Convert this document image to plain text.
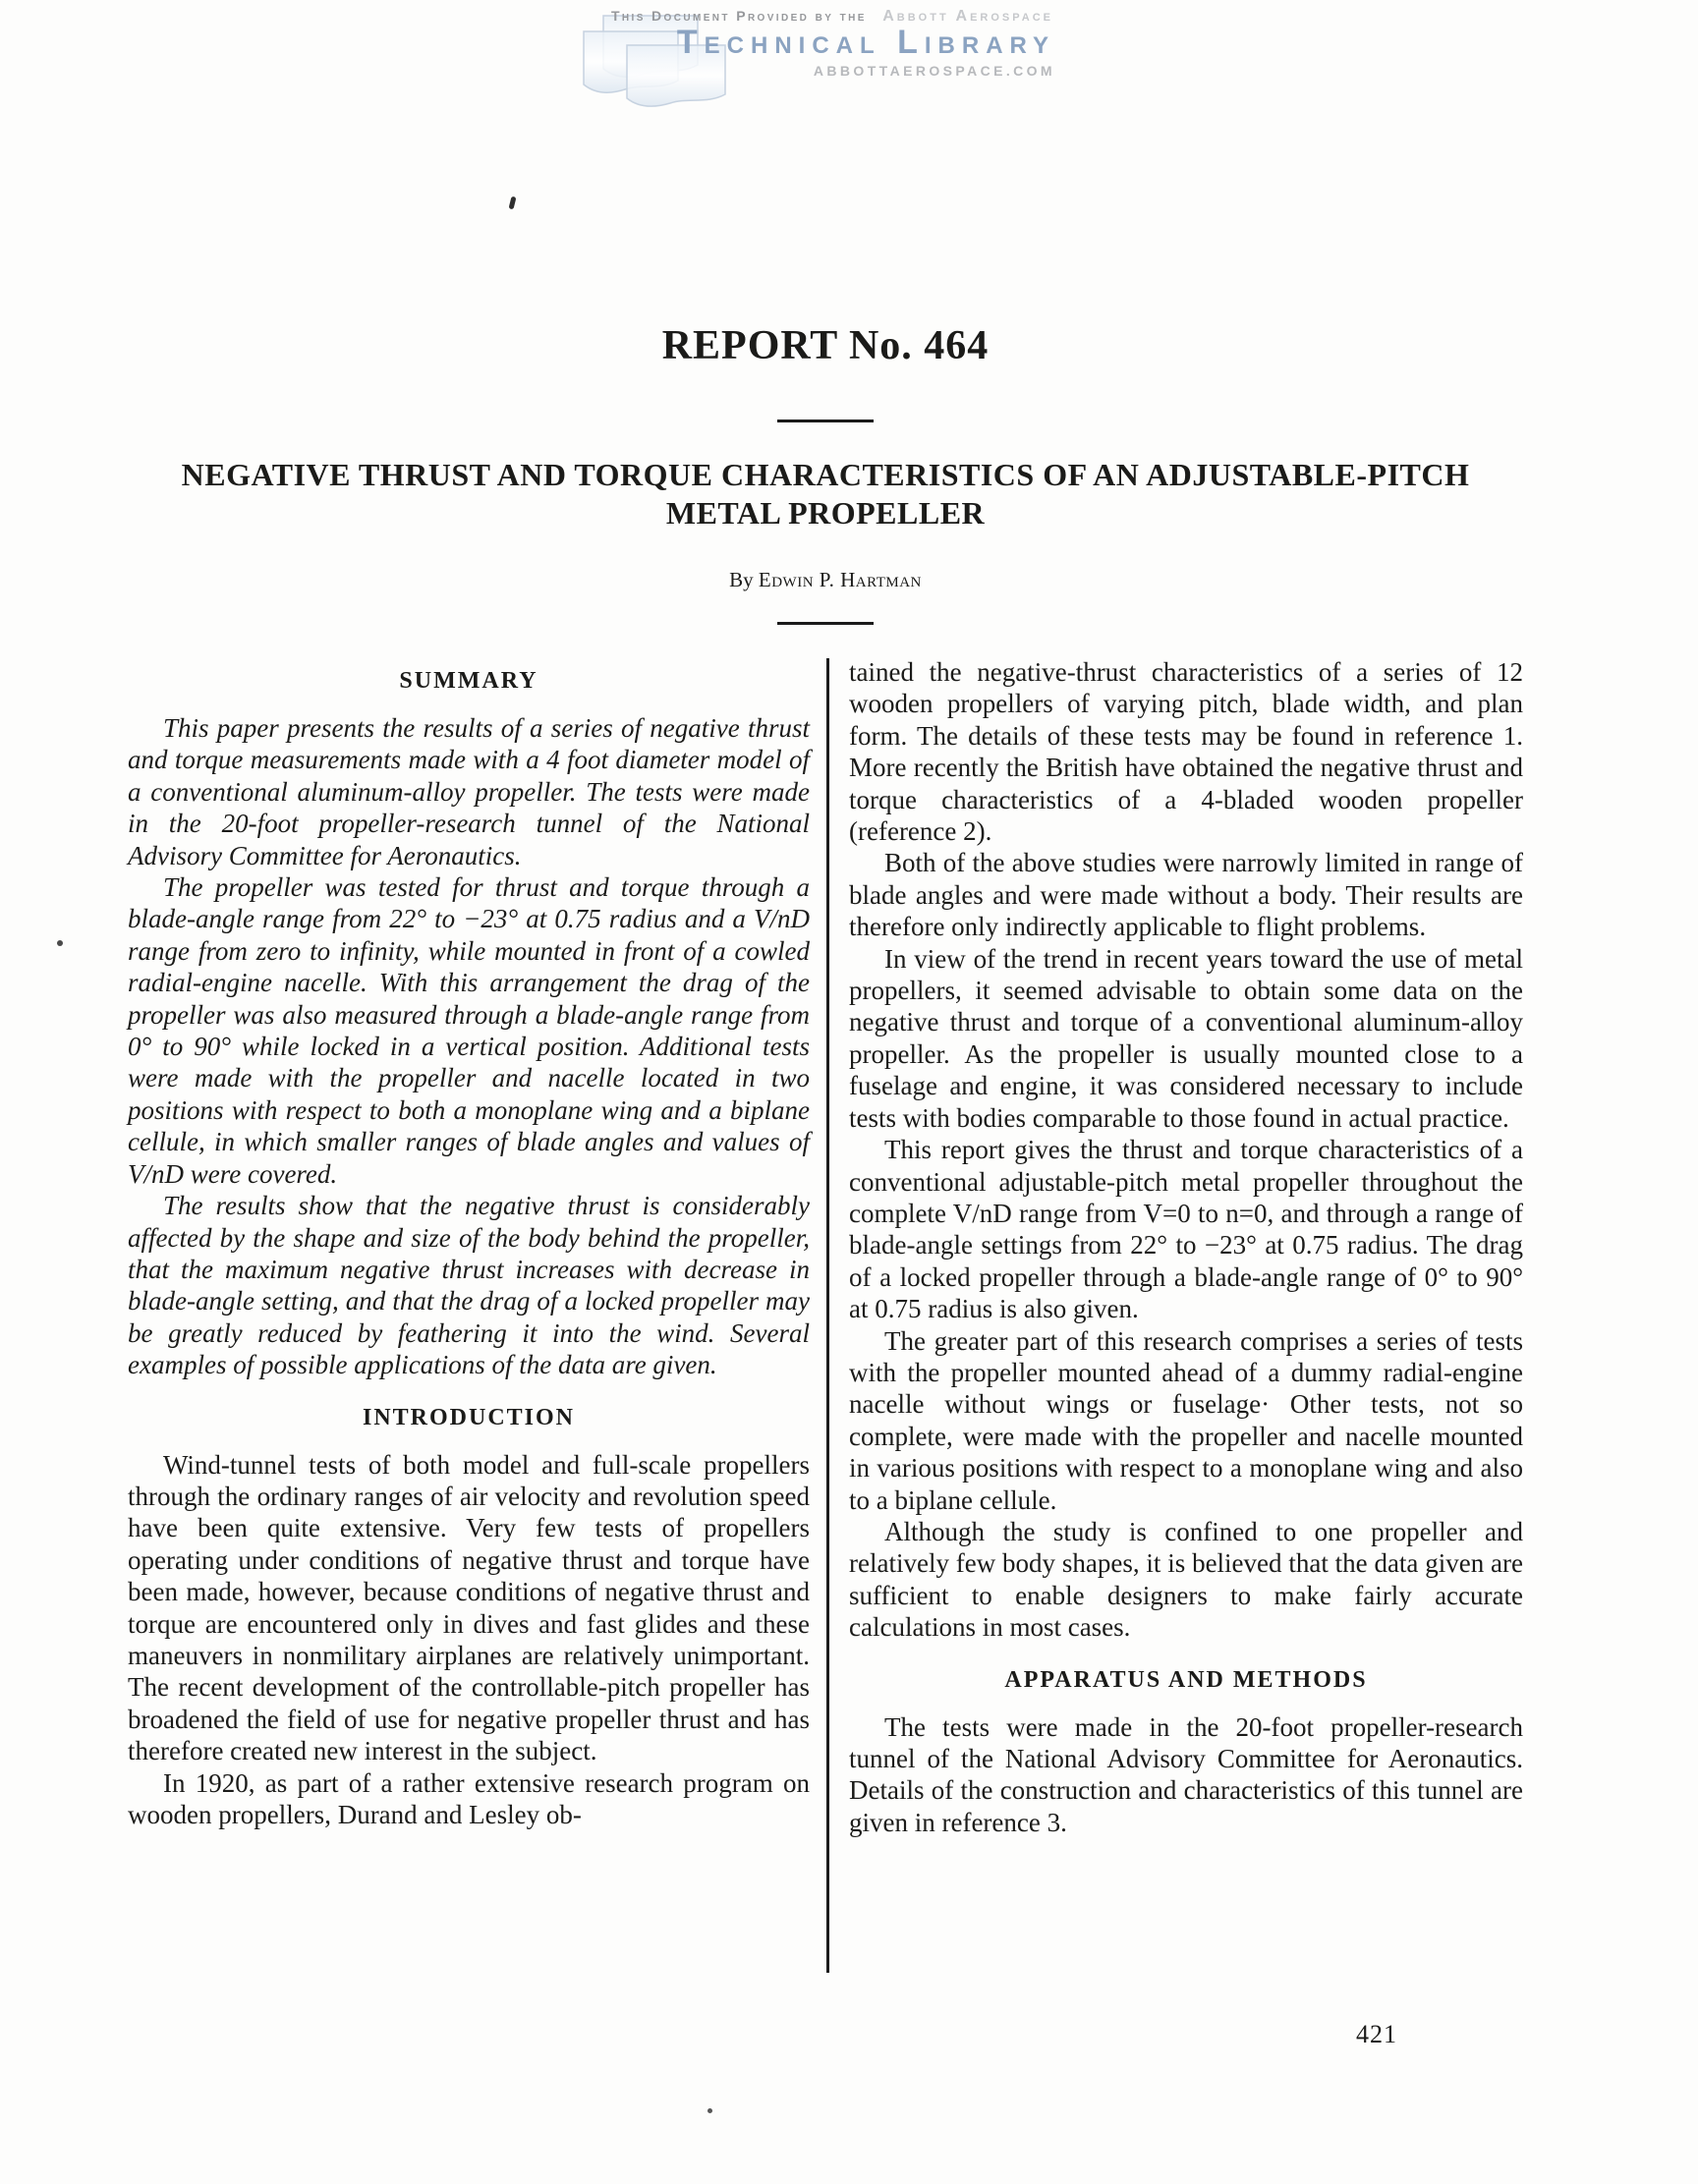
This Document Provided by the Abbott Aerospace
Technical Library
ABBOTTAEROSPACE.COM
REPORT No. 464
NEGATIVE THRUST AND TORQUE CHARACTERISTICS OF AN ADJUSTABLE-PITCH
METAL PROPELLER
By Edwin P. Hartman
SUMMARY

This paper presents the results of a series of negative thrust and torque measurements made with a 4 foot diameter model of a conventional aluminum-alloy propeller. The tests were made in the 20-foot propeller-research tunnel of the National Advisory Committee for Aeronautics.

The propeller was tested for thrust and torque through a blade-angle range from 22° to −23° at 0.75 radius and a V/nD range from zero to infinity, while mounted in front of a cowled radial-engine nacelle. With this arrangement the drag of the propeller was also measured through a blade-angle range from 0° to 90° while locked in a vertical position. Additional tests were made with the propeller and nacelle located in two positions with respect to both a monoplane wing and a biplane cellule, in which smaller ranges of blade angles and values of V/nD were covered.

The results show that the negative thrust is considerably affected by the shape and size of the body behind the propeller, that the maximum negative thrust increases with decrease in blade-angle setting, and that the drag of a locked propeller may be greatly reduced by feathering it into the wind. Several examples of possible applications of the data are given.

INTRODUCTION

Wind-tunnel tests of both model and full-scale propellers through the ordinary ranges of air velocity and revolution speed have been quite extensive. Very few tests of propellers operating under conditions of negative thrust and torque have been made, however, because conditions of negative thrust and torque are encountered only in dives and fast glides and these maneuvers in nonmilitary airplanes are relatively unimportant. The recent development of the controllable-pitch propeller has broadened the field of use for negative propeller thrust and has therefore created new interest in the subject.

In 1920, as part of a rather extensive research program on wooden propellers, Durand and Lesley ob-

tained the negative-thrust characteristics of a series of 12 wooden propellers of varying pitch, blade width, and plan form. The details of these tests may be found in reference 1. More recently the British have obtained the negative thrust and torque characteristics of a 4-bladed wooden propeller (reference 2).

Both of the above studies were narrowly limited in range of blade angles and were made without a body. Their results are therefore only indirectly applicable to flight problems.

In view of the trend in recent years toward the use of metal propellers, it seemed advisable to obtain some data on the negative thrust and torque of a conventional aluminum-alloy propeller. As the propeller is usually mounted close to a fuselage and engine, it was considered necessary to include tests with bodies comparable to those found in actual practice.

This report gives the thrust and torque characteristics of a conventional adjustable-pitch metal propeller throughout the complete V/nD range from V=0 to n=0, and through a range of blade-angle settings from 22° to −23° at 0.75 radius. The drag of a locked propeller through a blade-angle range of 0° to 90° at 0.75 radius is also given.

The greater part of this research comprises a series of tests with the propeller mounted ahead of a dummy radial-engine nacelle without wings or fuselage· Other tests, not so complete, were made with the propeller and nacelle mounted in various positions with respect to a monoplane wing and also to a biplane cellule.

Although the study is confined to one propeller and relatively few body shapes, it is believed that the data given are sufficient to enable designers to make fairly accurate calculations in most cases.

APPARATUS AND METHODS

The tests were made in the 20-foot propeller-research tunnel of the National Advisory Committee for Aeronautics. Details of the construction and characteristics of this tunnel are given in reference 3.

421
